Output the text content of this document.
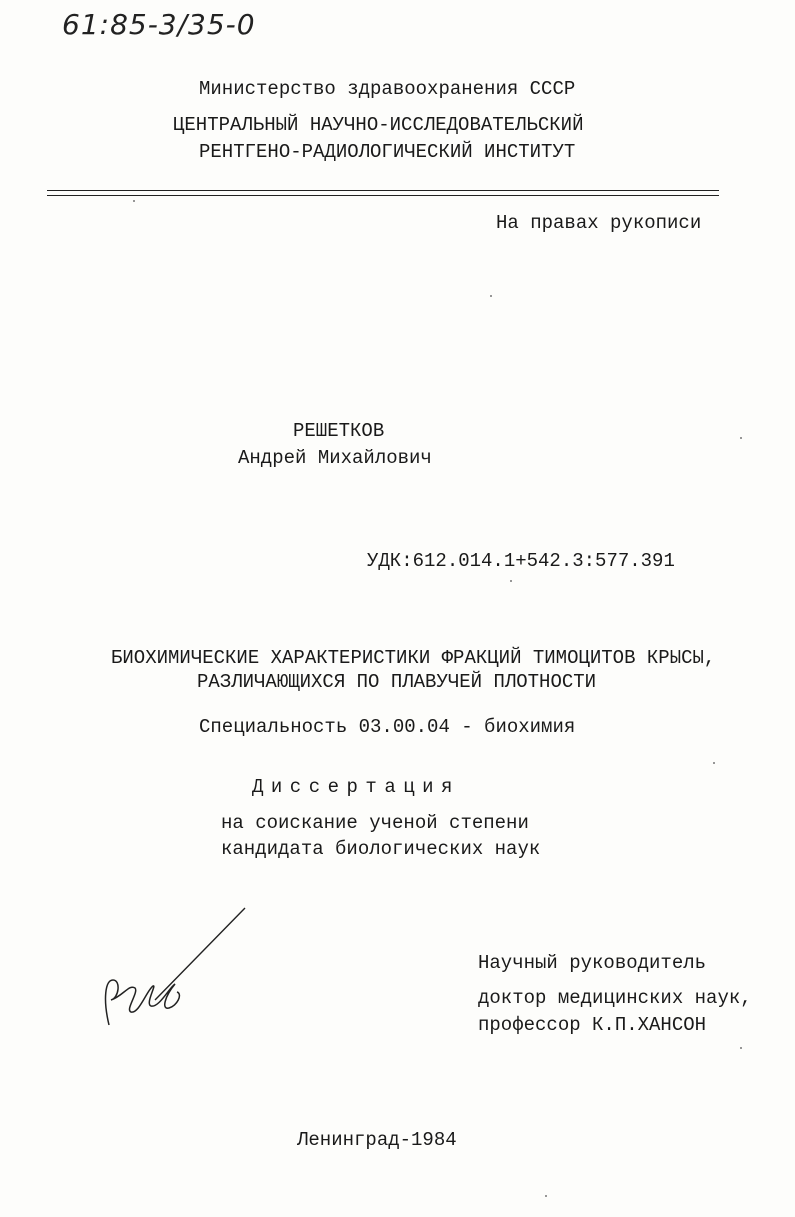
61:85-3/35-0
Министерство здравоохранения СССР
ЦЕНТРАЛЬНЫЙ НАУЧНО-ИССЛЕДОВАТЕЛЬСКИЙ
РЕНТГЕНО-РАДИОЛОГИЧЕСКИЙ ИНСТИТУТ
На правах рукописи
РЕШЕТКОВ
Андрей Михайлович
УДК:612.014.1+542.3:577.391
БИОХИМИЧЕСКИЕ ХАРАКТЕРИСТИКИ ФРАКЦИЙ ТИМОЦИТОВ КРЫСЫ,
РАЗЛИЧАЮЩИХСЯ ПО ПЛАВУЧЕЙ ПЛОТНОСТИ
Специальность 03.00.04 - биохимия
Диссертация
на соискание ученой степени
кандидата биологических наук
Научный руководитель
доктор медицинских наук,
профессор К.П.ХАНСОН
Ленинград-1984
